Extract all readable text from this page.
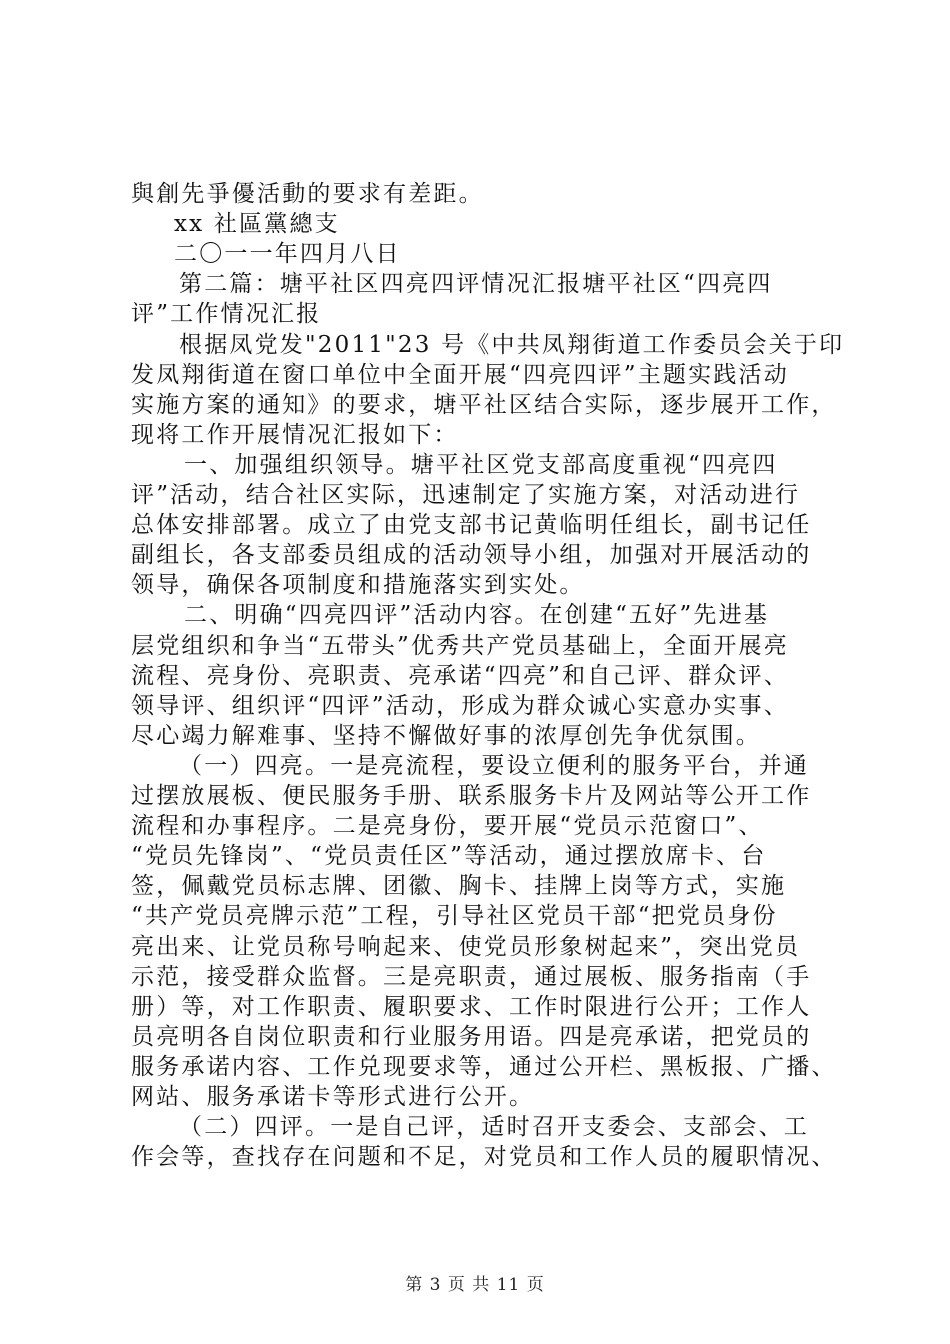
與創先爭優活動的要求有差距。
xx 社區黨總支
二〇一一年四月八日
第二篇：塘平社区四亮四评情况汇报塘平社区“四亮四
评”工作情况汇报
根据凤党发"2011"23 号《中共凤翔街道工作委员会关于印
发凤翔街道在窗口单位中全面开展“四亮四评”主题实践活动
实施方案的通知》的要求，塘平社区结合实际，逐步展开工作，
现将工作开展情况汇报如下：
一、加强组织领导。塘平社区党支部高度重视“四亮四
评”活动，结合社区实际，迅速制定了实施方案，对活动进行
总体安排部署。成立了由党支部书记黄临明任组长，副书记任
副组长，各支部委员组成的活动领导小组，加强对开展活动的
领导，确保各项制度和措施落实到实处。
二、明确“四亮四评”活动内容。在创建“五好”先进基
层党组织和争当“五带头”优秀共产党员基础上，全面开展亮
流程、亮身份、亮职责、亮承诺“四亮”和自己评、群众评、
领导评、组织评“四评”活动，形成为群众诚心实意办实事、
尽心竭力解难事、坚持不懈做好事的浓厚创先争优氛围。
（一）四亮。一是亮流程，要设立便利的服务平台，并通
过摆放展板、便民服务手册、联系服务卡片及网站等公开工作
流程和办事程序。二是亮身份，要开展“党员示范窗口”、
“党员先锋岗”、“党员责任区”等活动，通过摆放席卡、台
签，佩戴党员标志牌、团徽、胸卡、挂牌上岗等方式，实施
“共产党员亮牌示范”工程，引导社区党员干部“把党员身份
亮出来、让党员称号响起来、使党员形象树起来”，突出党员
示范，接受群众监督。三是亮职责，通过展板、服务指南（手
册）等，对工作职责、履职要求、工作时限进行公开；工作人
员亮明各自岗位职责和行业服务用语。四是亮承诺，把党员的
服务承诺内容、工作兑现要求等，通过公开栏、黑板报、广播、
网站、服务承诺卡等形式进行公开。
（二）四评。一是自己评，适时召开支委会、支部会、工
作会等，查找存在问题和不足，对党员和工作人员的履职情况、
第 3 页 共 11 页
